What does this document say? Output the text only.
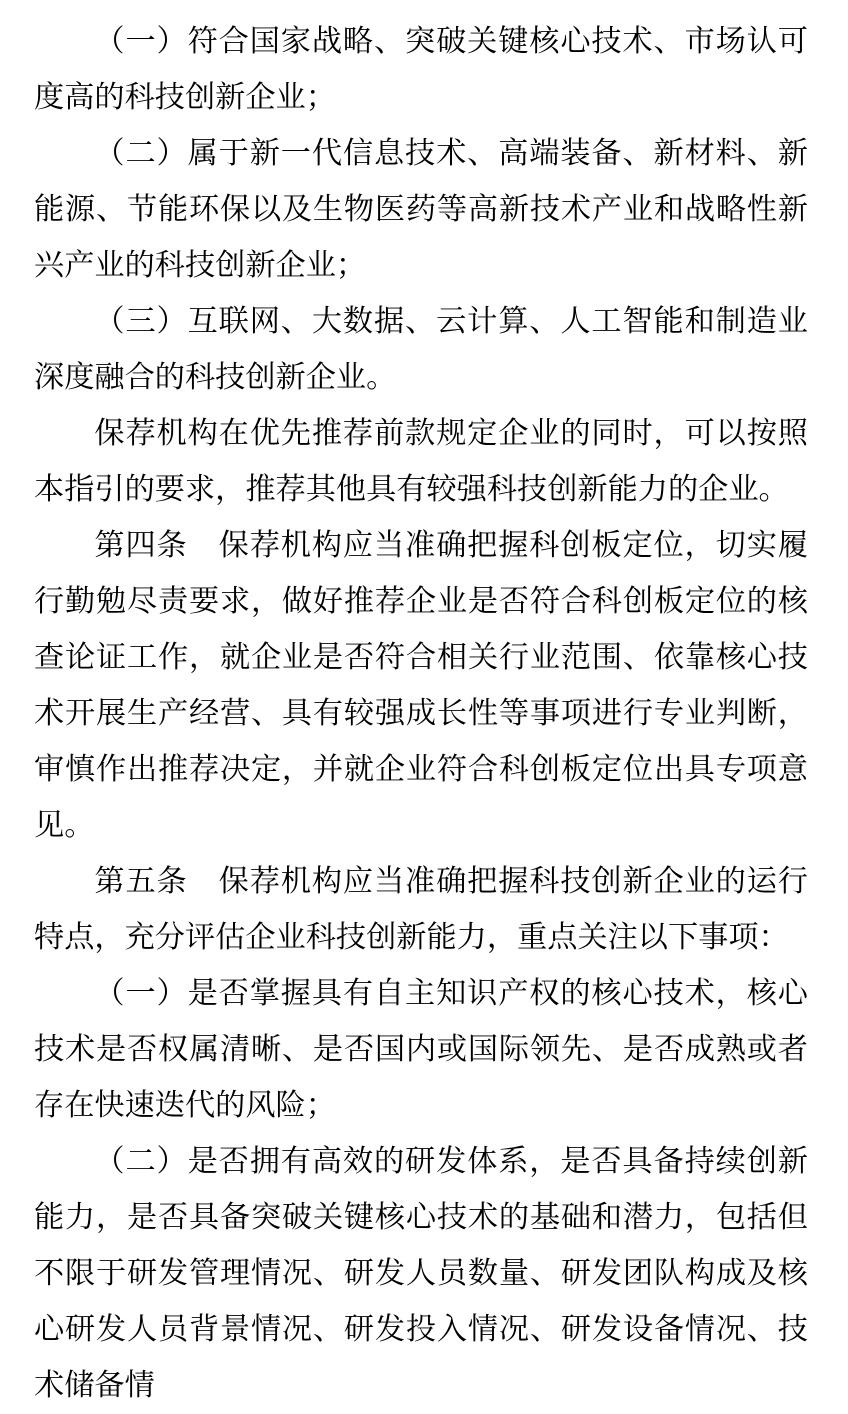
（一）符合国家战略、突破关键核心技术、市场认可度高的科技创新企业；

（二）属于新一代信息技术、高端装备、新材料、新能源、节能环保以及生物医药等高新技术产业和战略性新兴产业的科技创新企业；

（三）互联网、大数据、云计算、人工智能和制造业深度融合的科技创新企业。

保荐机构在优先推荐前款规定企业的同时，可以按照本指引的要求，推荐其他具有较强科技创新能力的企业。

第四条　保荐机构应当准确把握科创板定位，切实履行勤勉尽责要求，做好推荐企业是否符合科创板定位的核查论证工作，就企业是否符合相关行业范围、依靠核心技术开展生产经营、具有较强成长性等事项进行专业判断，审慎作出推荐决定，并就企业符合科创板定位出具专项意见。

第五条　保荐机构应当准确把握科技创新企业的运行特点，充分评估企业科技创新能力，重点关注以下事项：

（一）是否掌握具有自主知识产权的核心技术，核心技术是否权属清晰、是否国内或国际领先、是否成熟或者存在快速迭代的风险；

（二）是否拥有高效的研发体系，是否具备持续创新能力，是否具备突破关键核心技术的基础和潜力，包括但不限于研发管理情况、研发人员数量、研发团队构成及核心研发人员背景情况、研发投入情况、研发设备情况、技术储备情
